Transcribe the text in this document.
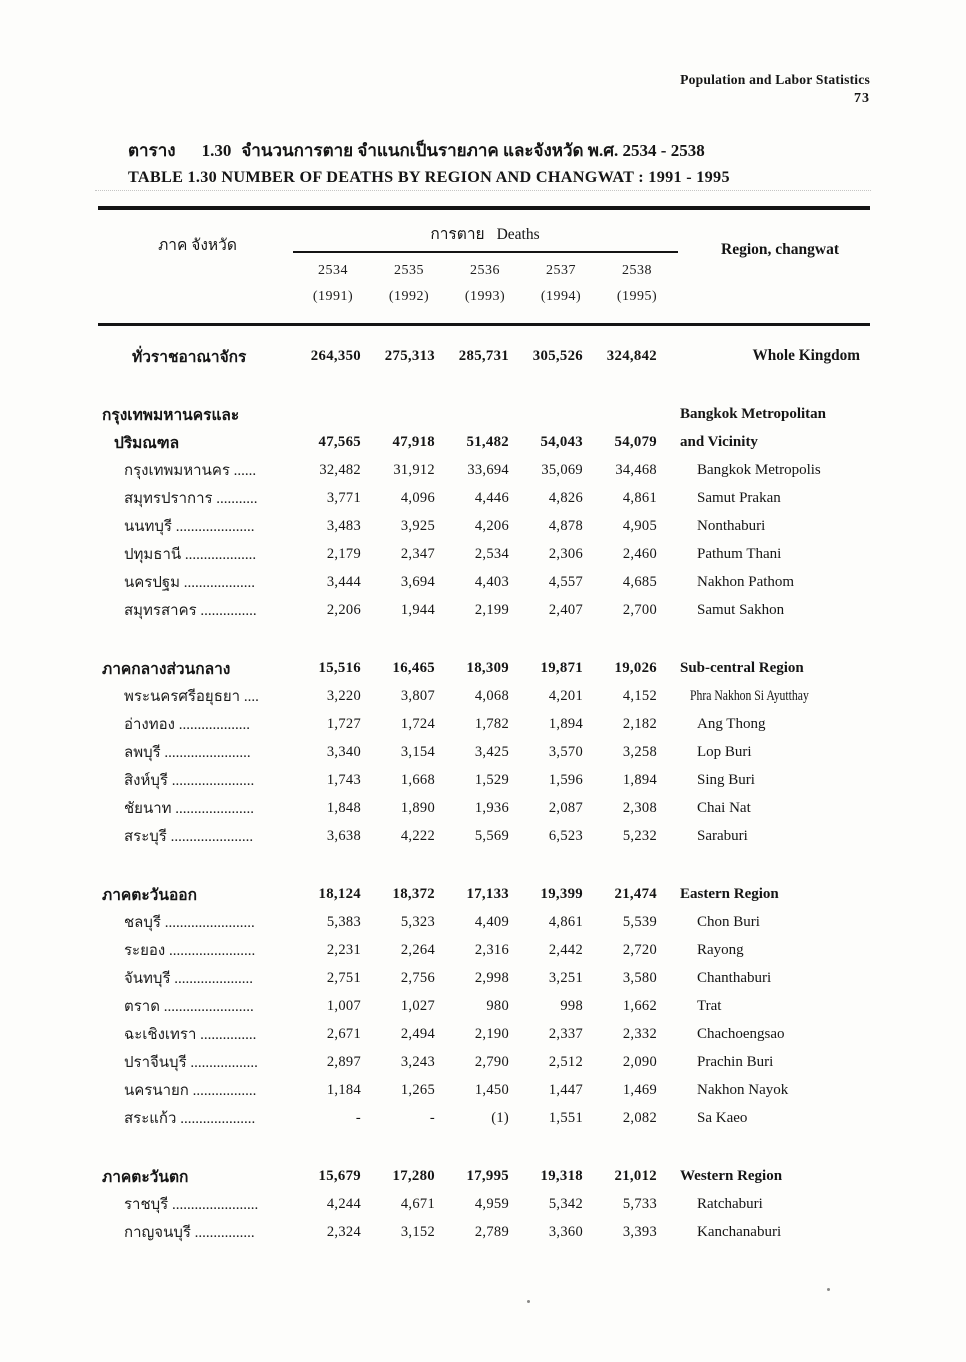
Population and Labor Statistics
73
ตาราง 1.30 จำนวนการตาย จำแนกเป็นรายภาค และจังหวัด พ.ศ. 2534 - 2538
TABLE 1.30 NUMBER OF DEATHS BY REGION AND CHANGWAT : 1991 - 1995
ภาค จังหวัด
การตาย Deaths
2534	2535	2536	2537	2538
(1991)	(1992)	(1993)	(1994)	(1995)
Region, changwat
ทั่วราชอาณาจักร	264,350	275,313	285,731	305,526	324,842	Whole Kingdom
กรุงเทพมหานครและ	Bangkok Metropolitan
ปริมณฑล	47,565	47,918	51,482	54,043	54,079	and Vicinity
กรุงเทพมหานคร ......	32,482	31,912	33,694	35,069	34,468	Bangkok Metropolis
สมุทรปราการ ...........	3,771	4,096	4,446	4,826	4,861	Samut Prakan
นนทบุรี .....................	3,483	3,925	4,206	4,878	4,905	Nonthaburi
ปทุมธานี ...................	2,179	2,347	2,534	2,306	2,460	Pathum Thani
นครปฐม ...................	3,444	3,694	4,403	4,557	4,685	Nakhon Pathom
สมุทรสาคร ...............	2,206	1,944	2,199	2,407	2,700	Samut Sakhon
ภาคกลางส่วนกลาง	15,516	16,465	18,309	19,871	19,026	Sub-central Region
พระนครศรีอยุธยา ....	3,220	3,807	4,068	4,201	4,152	Phra Nakhon Si Ayutthay
อ่างทอง ...................	1,727	1,724	1,782	1,894	2,182	Ang Thong
ลพบุรี .......................	3,340	3,154	3,425	3,570	3,258	Lop Buri
สิงห์บุรี ......................	1,743	1,668	1,529	1,596	1,894	Sing Buri
ชัยนาท .....................	1,848	1,890	1,936	2,087	2,308	Chai Nat
สระบุรี ......................	3,638	4,222	5,569	6,523	5,232	Saraburi
ภาคตะวันออก	18,124	18,372	17,133	19,399	21,474	Eastern Region
ชลบุรี ........................	5,383	5,323	4,409	4,861	5,539	Chon Buri
ระยอง .......................	2,231	2,264	2,316	2,442	2,720	Rayong
จันทบุรี .....................	2,751	2,756	2,998	3,251	3,580	Chanthaburi
ตราด ........................	1,007	1,027	980	998	1,662	Trat
ฉะเชิงเทรา ...............	2,671	2,494	2,190	2,337	2,332	Chachoengsao
ปราจีนบุรี ..................	2,897	3,243	2,790	2,512	2,090	Prachin Buri
นครนายก .................	1,184	1,265	1,450	1,447	1,469	Nakhon Nayok
สระแก้ว ....................	-	-	(1)	1,551	2,082	Sa Kaeo
ภาคตะวันตก	15,679	17,280	17,995	19,318	21,012	Western Region
ราชบุรี .......................	4,244	4,671	4,959	5,342	5,733	Ratchaburi
กาญจนบุรี ................	2,324	3,152	2,789	3,360	3,393	Kanchanaburi
